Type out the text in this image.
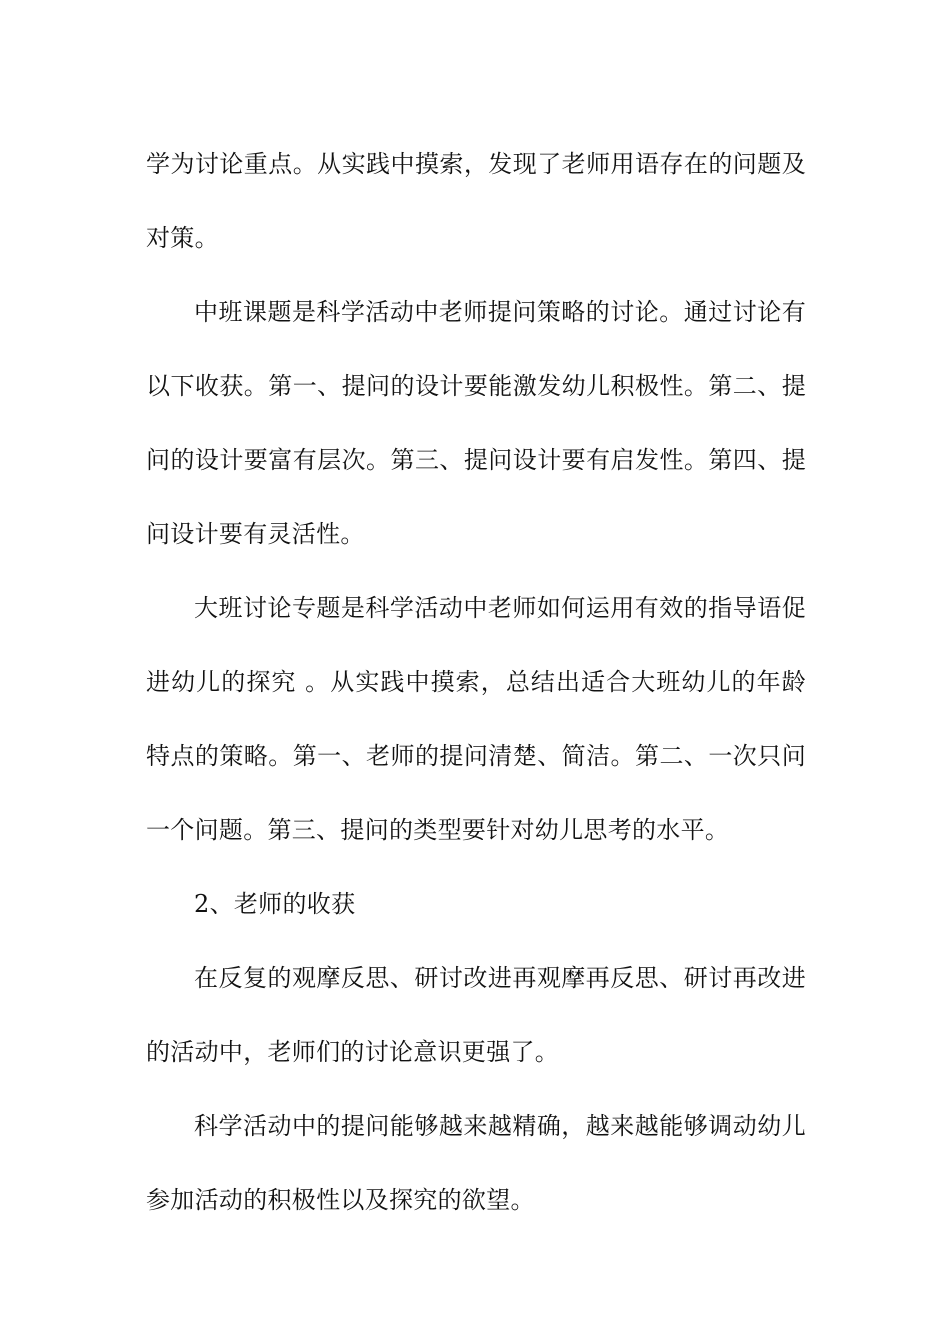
学为讨论重点。从实践中摸索，发现了老师用语存在的问题及对策。

中班课题是科学活动中老师提问策略的讨论。通过讨论有以下收获。第一、提问的设计要能激发幼儿积极性。第二、提问的设计要富有层次。第三、提问设计要有启发性。第四、提问设计要有灵活性。

大班讨论专题是科学活动中老师如何运用有效的指导语促进幼儿的探究 。从实践中摸索，总结出适合大班幼儿的年龄特点的策略。第一、老师的提问清楚、简洁。第二、一次只问一个问题。第三、提问的类型要针对幼儿思考的水平。

2、老师的收获

在反复的观摩反思、研讨改进再观摩再反思、研讨再改进的活动中，老师们的讨论意识更强了。

科学活动中的提问能够越来越精确，越来越能够调动幼儿参加活动的积极性以及探究的欲望。
